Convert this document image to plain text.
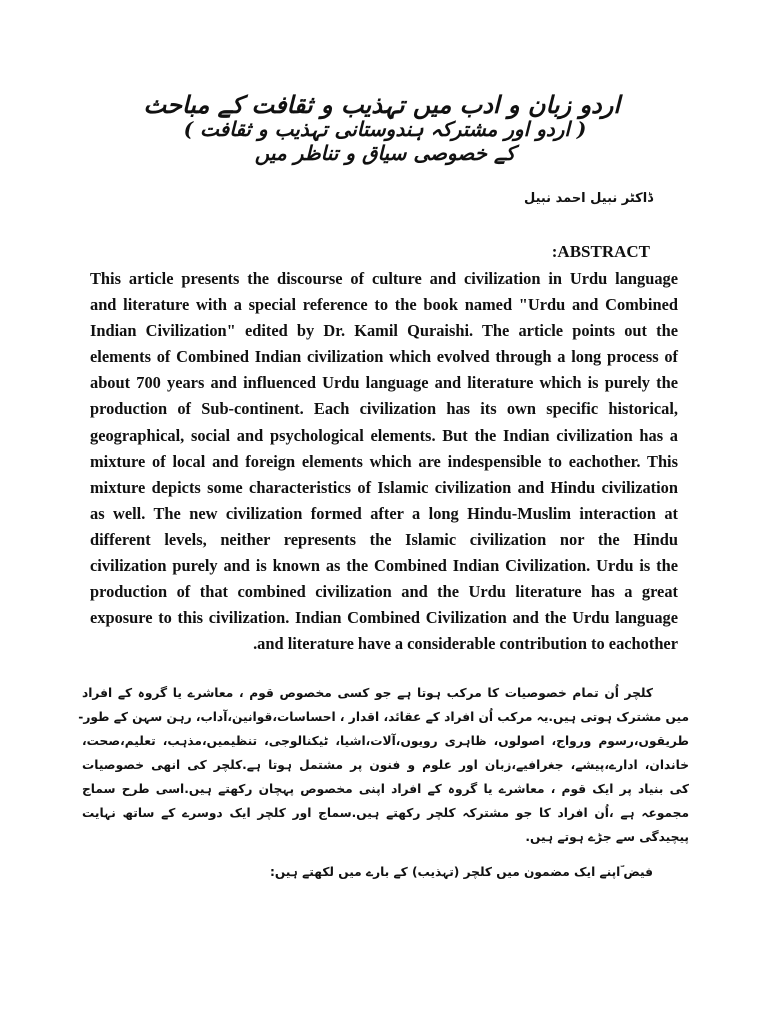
اردو زبان و ادب میں تہذیب و ثقافت کے مباحث
( اردو اور مشترکہ ہندوستانی تہذیب و ثقافت )
کے خصوصی سیاق و تناظر میں
ڈاکٹر نبیل احمد نبیل
:ABSTRACT
This article presents the discourse of culture and civilization in Urdu language
and literature with a special reference to the book named "Urdu and Combined
Indian Civilization" edited by Dr. Kamil Quraishi. The article points out the
elements of Combined Indian civilization which evolved through a long process of
about 700 years and influenced Urdu language and literature which is purely the
production of Sub-continent. Each civilization has its own specific historical,
geographical, social and psychological elements. But the Indian civilization has a
mixture of local and foreign elements which are indespensible to eachother. This
mixture depicts some characteristics of Islamic civilization and Hindu civilization
as well. The new civilization formed after a long Hindu-Muslim interaction at
different levels, neither represents the Islamic civilization nor the Hindu
civilization purely and is known as the Combined Indian Civilization. Urdu is the
production of that combined civilization and the Urdu literature has a great
exposure to this civilization. Indian Combined Civilization and the Urdu language
.and literature have a considerable contribution to eachother
کلچر اُن تمام خصوصیات کا مرکب ہوتا ہے جو کسی مخصوص قوم ، معاشرے یا گروہ کے افراد
میں مشترک ہوتی ہیں.یہ مرکب اُن افراد کے عقائد، اقدار ، احساسات،قوانین،آداب، رہن سہن کے طور-
طریقوں،رسوم ورواج، اصولوں، ظاہری رویوں،آلات،اشیا، ٹیکنالوجی، تنظیمیں،مذہب، تعلیم،صحت،
خاندان، ادارے،پیشے، جغرافیے،زبان اور علوم و فنون پر مشتمل ہوتا ہے.کلچر کی انھی خصوصیات
کی بنیاد پر ایک قوم ، معاشرے یا گروہ کے افراد اپنی مخصوص پہچان رکھتے ہیں.اسی طرح سماج
مجموعہ ہے ،اُن افراد کا جو مشترکہ کلچر رکھتے ہیں.سماج اور کلچر ایک دوسرے کے ساتھ نہایت
پیچیدگی سے جڑے ہوتے ہیں.
فیض ؔاپنے ایک مضمون میں کلچر (تہذیب) کے بارے میں لکھتے ہیں:
